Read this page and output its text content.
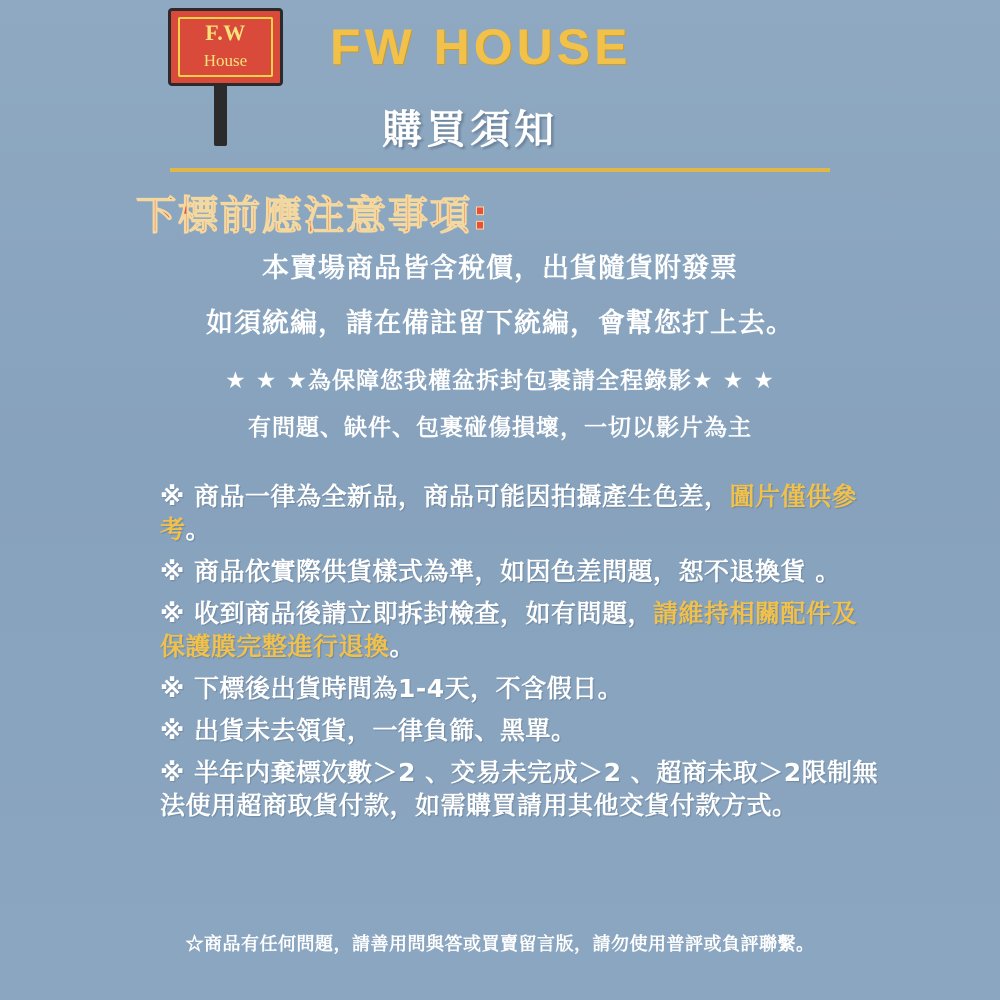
F.W
House	FW HOUSE
購買須知
下標前應注意事項:
本賣場商品皆含稅價，出貨隨貨附發票
如須統編，請在備註留下統編，會幫您打上去。
★ ★ ★為保障您我權盆拆封包裹請全程錄影★ ★ ★
有問題、缺件、包裹碰傷損壞，一切以影片為主
※ 商品一律為全新品，商品可能因拍攝產生色差，圖片僅供參考。
※ 商品依實際供貨樣式為準，如因色差問題，恕不退換貨 。
※ 收到商品後請立即拆封檢查，如有問題，請維持相關配件及保護膜完整進行退換。
※ 下標後出貨時間為1-4天，不含假日。
※ 出貨未去領貨，一律負篩、黑單。
※ 半年内棄標次數＞2 、交易未完成＞2 、超商未取＞2限制無法使用超商取貨付款，如需購買請用其他交貨付款方式。
☆商品有任何問題，請善用問與答或買賣留言版，請勿使用普評或負評聯繫。
